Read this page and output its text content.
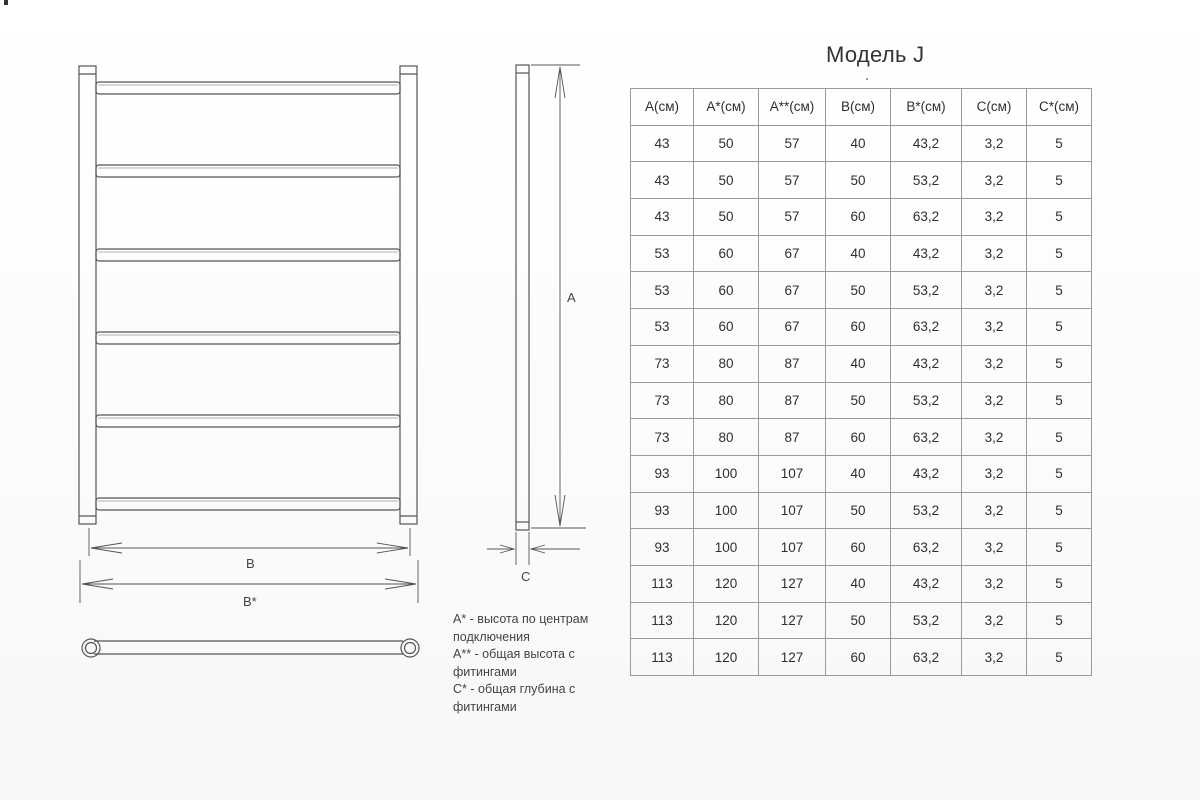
B
B*
A
C
A* - высота по центрам подключения
A** - общая высота с фитингами
C* - общая глубина с фитингами
Модель J
A(см)	A*(см)	A**(см)	B(см)	B*(см)	C(см)	C*(см)
43	50	57	40	43,2	3,2	5
43	50	57	50	53,2	3,2	5
43	50	57	60	63,2	3,2	5
53	60	67	40	43,2	3,2	5
53	60	67	50	53,2	3,2	5
53	60	67	60	63,2	3,2	5
73	80	87	40	43,2	3,2	5
73	80	87	50	53,2	3,2	5
73	80	87	60	63,2	3,2	5
93	100	107	40	43,2	3,2	5
93	100	107	50	53,2	3,2	5
93	100	107	60	63,2	3,2	5
113	120	127	40	43,2	3,2	5
113	120	127	50	53,2	3,2	5
113	120	127	60	63,2	3,2	5
